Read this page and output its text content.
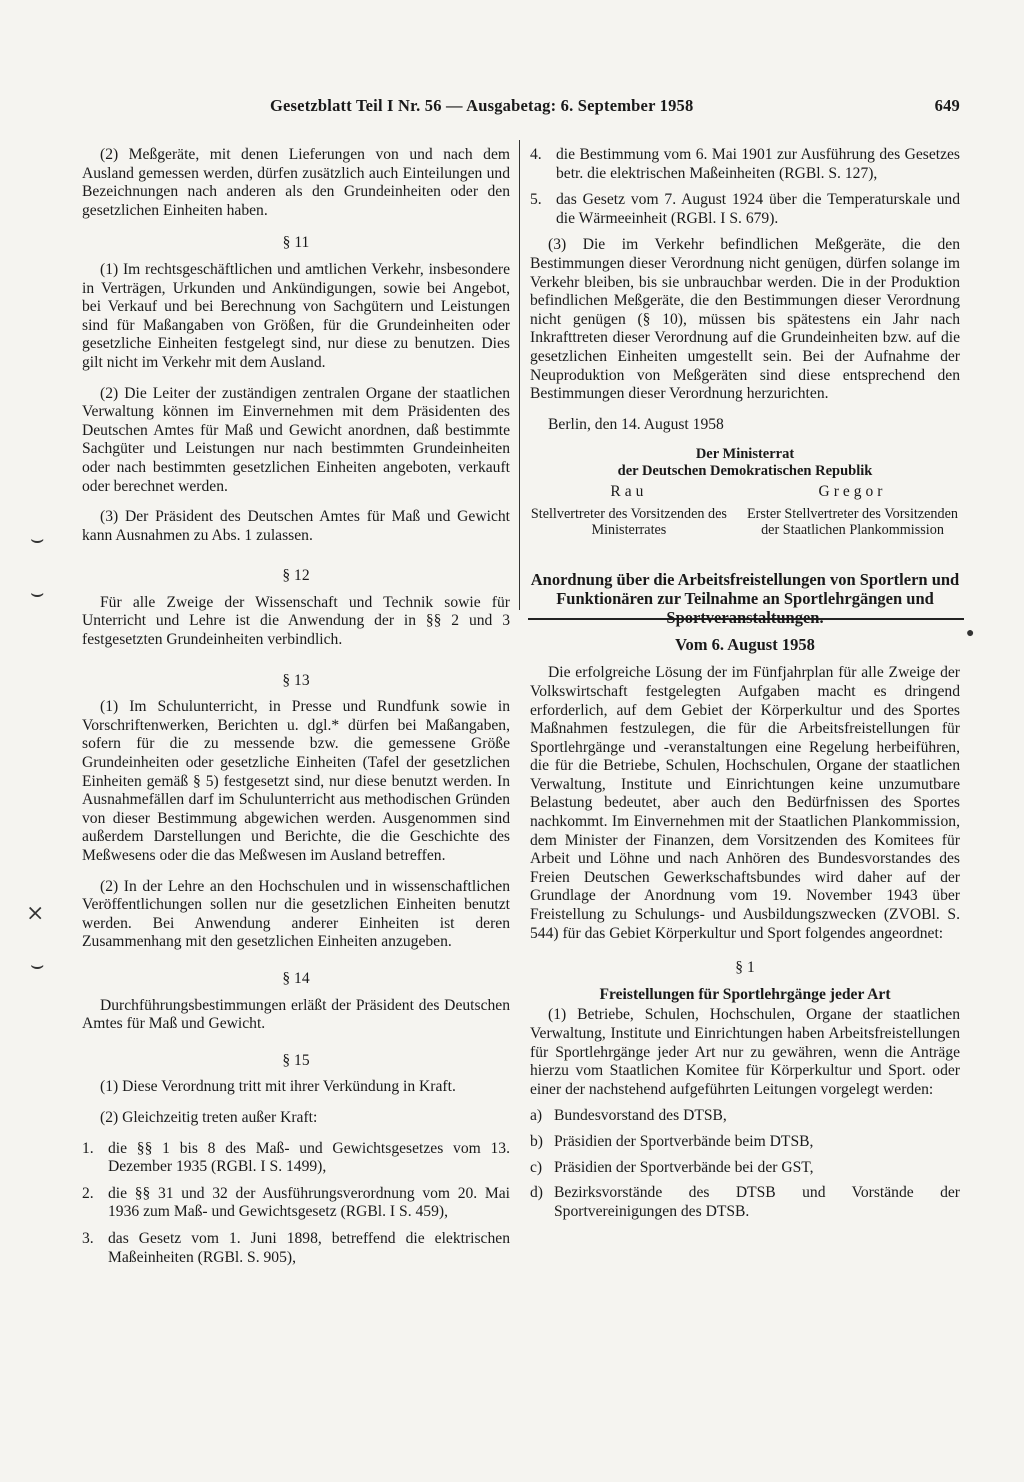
Gesetzblatt Teil I Nr. 56 — Ausgabetag: 6. September 1958	649

(2) Meßgeräte, mit denen Lieferungen von und nach dem Ausland gemessen werden, dürfen zusätzlich auch Einteilungen und Bezeichnungen nach anderen als den Grundeinheiten oder den gesetzlichen Einheiten haben.

§ 11

(1) Im rechtsgeschäftlichen und amtlichen Verkehr, insbesondere in Verträgen, Urkunden und Ankündigungen, sowie bei Angebot, bei Verkauf und bei Berechnung von Sachgütern und Leistungen sind für Maßangaben von Größen, für die Grundeinheiten oder gesetzliche Einheiten festgelegt sind, nur diese zu benutzen. Dies gilt nicht im Verkehr mit dem Ausland.

(2) Die Leiter der zuständigen zentralen Organe der staatlichen Verwaltung können im Einvernehmen mit dem Präsidenten des Deutschen Amtes für Maß und Gewicht anordnen, daß bestimmte Sachgüter und Leistungen nur nach bestimmten Grundeinheiten oder nach bestimmten gesetzlichen Einheiten angeboten, verkauft oder berechnet werden.

(3) Der Präsident des Deutschen Amtes für Maß und Gewicht kann Ausnahmen zu Abs. 1 zulassen.

§ 12

Für alle Zweige der Wissenschaft und Technik sowie für Unterricht und Lehre ist die Anwendung der in §§ 2 und 3 festgesetzten Grundeinheiten verbindlich.

§ 13

(1) Im Schulunterricht, in Presse und Rundfunk sowie in Vorschriftenwerken, Berichten u. dgl.* dürfen bei Maßangaben, sofern für die zu messende bzw. die gemessene Größe Grundeinheiten oder gesetzliche Einheiten (Tafel der gesetzlichen Einheiten gemäß § 5) festgesetzt sind, nur diese benutzt werden. In Ausnahmefällen darf im Schulunterricht aus methodischen Gründen von dieser Bestimmung abgewichen werden. Ausgenommen sind außerdem Darstellungen und Berichte, die die Geschichte des Meßwesens oder die das Meßwesen im Ausland betreffen.

(2) In der Lehre an den Hochschulen und in wissenschaftlichen Veröffentlichungen sollen nur die gesetzlichen Einheiten benutzt werden. Bei Anwendung anderer Einheiten ist deren Zusammenhang mit den gesetzlichen Einheiten anzugeben.

§ 14

Durchführungsbestimmungen erläßt der Präsident des Deutschen Amtes für Maß und Gewicht.

§ 15

(1) Diese Verordnung tritt mit ihrer Verkündung in Kraft.

(2) Gleichzeitig treten außer Kraft:

1. die §§ 1 bis 8 des Maß- und Gewichtsgesetzes vom 13. Dezember 1935 (RGBl. I S. 1499),
2. die §§ 31 und 32 der Ausführungsverordnung vom 20. Mai 1936 zum Maß- und Gewichtsgesetz (RGBl. I S. 459),
3. das Gesetz vom 1. Juni 1898, betreffend die elektrischen Maßeinheiten (RGBl. S. 905),
4. die Bestimmung vom 6. Mai 1901 zur Ausführung des Gesetzes betr. die elektrischen Maßeinheiten (RGBl. S. 127),
5. das Gesetz vom 7. August 1924 über die Temperaturskale und die Wärmeeinheit (RGBl. I S. 679).

(3) Die im Verkehr befindlichen Meßgeräte, die den Bestimmungen dieser Verordnung nicht genügen, dürfen solange im Verkehr bleiben, bis sie unbrauchbar werden. Die in der Produktion befindlichen Meßgeräte, die den Bestimmungen dieser Verordnung nicht genügen (§ 10), müssen bis spätestens ein Jahr nach Inkrafttreten dieser Verordnung auf die Grundeinheiten bzw. auf die gesetzlichen Einheiten umgestellt sein. Bei der Aufnahme der Neuproduktion von Meßgeräten sind diese entsprechend den Bestimmungen dieser Verordnung herzurichten.

Berlin, den 14. August 1958

Der Ministerrat
der Deutschen Demokratischen Republik
Rau
Stellvertreter des Vorsitzenden des Ministerrates
Gregor
Erster Stellvertreter des Vorsitzenden der Staatlichen Plankommission
Anordnung über die Arbeitsfreistellungen von Sportlern und Funktionären zur Teilnahme an Sportlehrgängen und Sportveranstaltungen.
Vom 6. August 1958

Die erfolgreiche Lösung der im Fünfjahrplan für alle Zweige der Volkswirtschaft festgelegten Aufgaben macht es dringend erforderlich, auf dem Gebiet der Körperkultur und des Sportes Maßnahmen festzulegen, die für die Arbeitsfreistellungen für Sportlehrgänge und -veranstaltungen eine Regelung herbeiführen, die für die Betriebe, Schulen, Hochschulen, Organe der staatlichen Verwaltung, Institute und Einrichtungen keine unzumutbare Belastung bedeutet, aber auch den Bedürfnissen des Sportes nachkommt. Im Einvernehmen mit der Staatlichen Plankommission, dem Minister der Finanzen, dem Vorsitzenden des Komitees für Arbeit und Löhne und nach Anhören des Bundesvorstandes des Freien Deutschen Gewerkschaftsbundes wird daher auf der Grundlage der Anordnung vom 19. November 1943 über Freistellung zu Schulungs- und Ausbildungszwecken (ZVOBl. S. 544) für das Gebiet Körperkultur und Sport folgendes angeordnet:

§ 1
Freistellungen für Sportlehrgänge jeder Art

(1) Betriebe, Schulen, Hochschulen, Organe der staatlichen Verwaltung, Institute und Einrichtungen haben Arbeitsfreistellungen für Sportlehrgänge jeder Art nur zu gewähren, wenn die Anträge hierzu vom Staatlichen Komitee für Körperkultur und Sport. oder einer der nachstehend aufgeführten Leitungen vorgelegt werden:

a) Bundesvorstand des DTSB,
b) Präsidien der Sportverbände beim DTSB,
c) Präsidien der Sportverbände bei der GST,
d) Bezirksvorstände des DTSB und Vorstände der Sportvereinigungen des DTSB.
⌣
⌣
⨯
⌣
●
